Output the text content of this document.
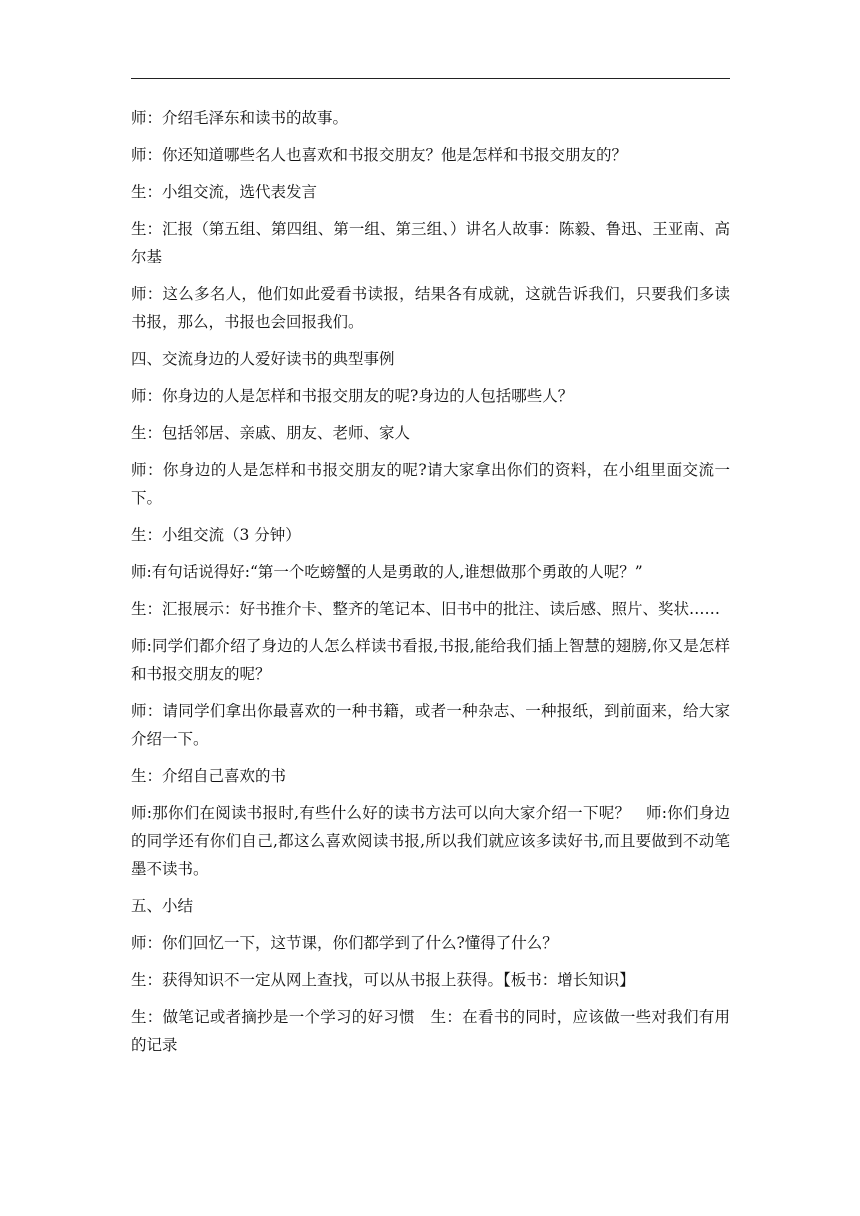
师：介绍毛泽东和读书的故事。

师：你还知道哪些名人也喜欢和书报交朋友？他是怎样和书报交朋友的？

生：小组交流，选代表发言

生：汇报（第五组、第四组、第一组、第三组、）讲名人故事：陈毅、鲁迅、王亚南、高尔基

师：这么多名人，他们如此爱看书读报，结果各有成就，这就告诉我们，只要我们多读书报，那么，书报也会回报我们。

四、交流身边的人爱好读书的典型事例

师：你身边的人是怎样和书报交朋友的呢?身边的人包括哪些人？

生：包括邻居、亲戚、朋友、老师、家人

师：你身边的人是怎样和书报交朋友的呢?请大家拿出你们的资料，在小组里面交流一下。

生：小组交流（3 分钟）

师:有句话说得好:“第一个吃螃蟹的人是勇敢的人,谁想做那个勇敢的人呢？”

生：汇报展示：好书推介卡、整齐的笔记本、旧书中的批注、读后感、照片、奖状……

师:同学们都介绍了身边的人怎么样读书看报,书报,能给我们插上智慧的翅膀,你又是怎样和书报交朋友的呢？

师：请同学们拿出你最喜欢的一种书籍，或者一种杂志、一种报纸，到前面来，给大家介绍一下。

生：介绍自己喜欢的书

师:那你们在阅读书报时,有些什么好的读书方法可以向大家介绍一下呢？　师:你们身边的同学还有你们自己,都这么喜欢阅读书报,所以我们就应该多读好书,而且要做到不动笔墨不读书。

五、小结

师：你们回忆一下，这节课，你们都学到了什么?懂得了什么？

生：获得知识不一定从网上查找，可以从书报上获得。【板书：增长知识】

生：做笔记或者摘抄是一个学习的好习惯　生：在看书的同时，应该做一些对我们有用的记录
